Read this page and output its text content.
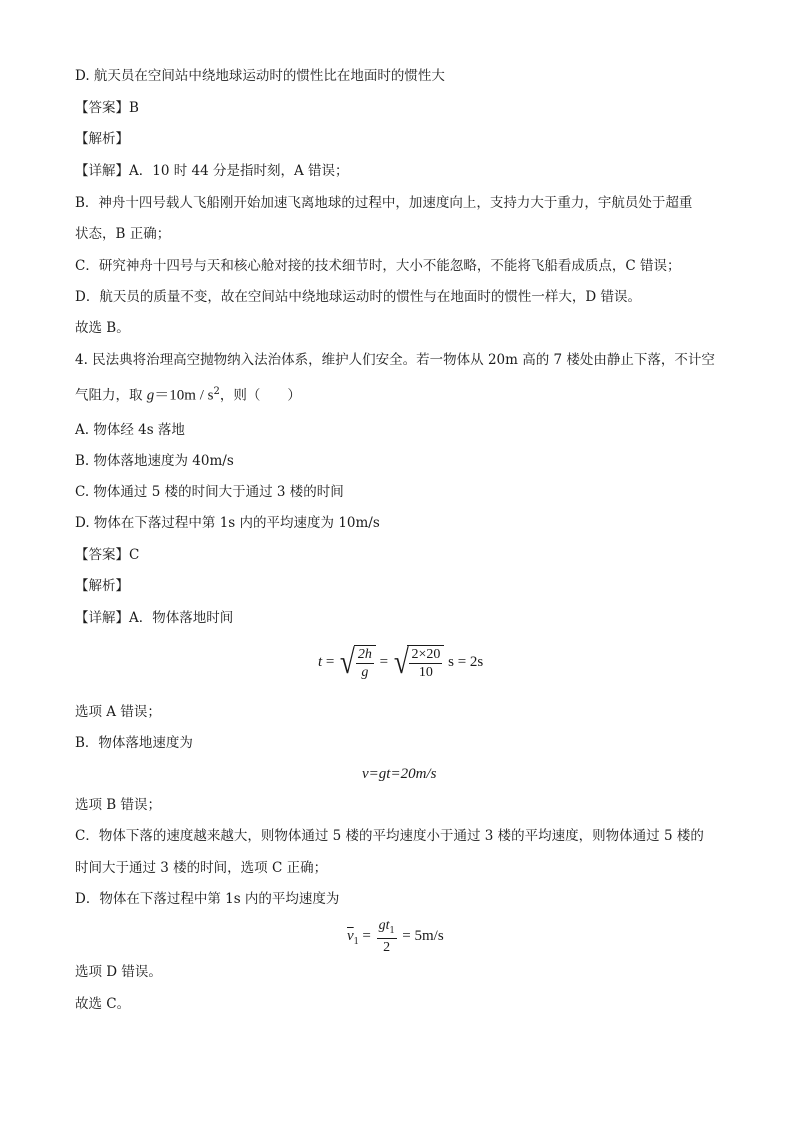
D. 航天员在空间站中绕地球运动时的惯性比在地面时的惯性大
【答案】B
【解析】
【详解】A．10 时 44 分是指时刻，A 错误；
B．神舟十四号载人飞船刚开始加速飞离地球的过程中，加速度向上，支持力大于重力，宇航员处于超重
状态，B 正确；
C．研究神舟十四号与天和核心舱对接的技术细节时，大小不能忽略，不能将飞船看成质点，C 错误；
D．航天员的质量不变，故在空间站中绕地球运动时的惯性与在地面时的惯性一样大，D 错误。
故选 B。
4. 民法典将治理高空抛物纳入法治体系，维护人们安全。若一物体从 20m 高的 7 楼处由静止下落，不计空
气阻力，取 $g=10m / s^2$，则（　　）
A. 物体经 4s 落地
B. 物体落地速度为 40m/s
C. 物体通过 5 楼的时间大于通过 3 楼的时间
D. 物体在下落过程中第 1s 内的平均速度为 10m/s
【答案】C
【解析】
【详解】A．物体落地时间
t = √ $\frac{2h}{g}$ = √ $\frac{2\times 20}{10}$ s = 2s
选项 A 错误；
B．物体落地速度为
v=gt=20m/s
选项 B 错误；
C．物体下落的速度越来越大，则物体通过 5 楼的平均速度小于通过 3 楼的平均速度，则物体通过 5 楼的
时间大于通过 3 楼的时间，选项 C 正确；
D．物体在下落过程中第 1s 内的平均速度为
$\overline{v}_1 = \frac{gt_1}{2} = 5m/s$
选项 D 错误。
故选 C。
